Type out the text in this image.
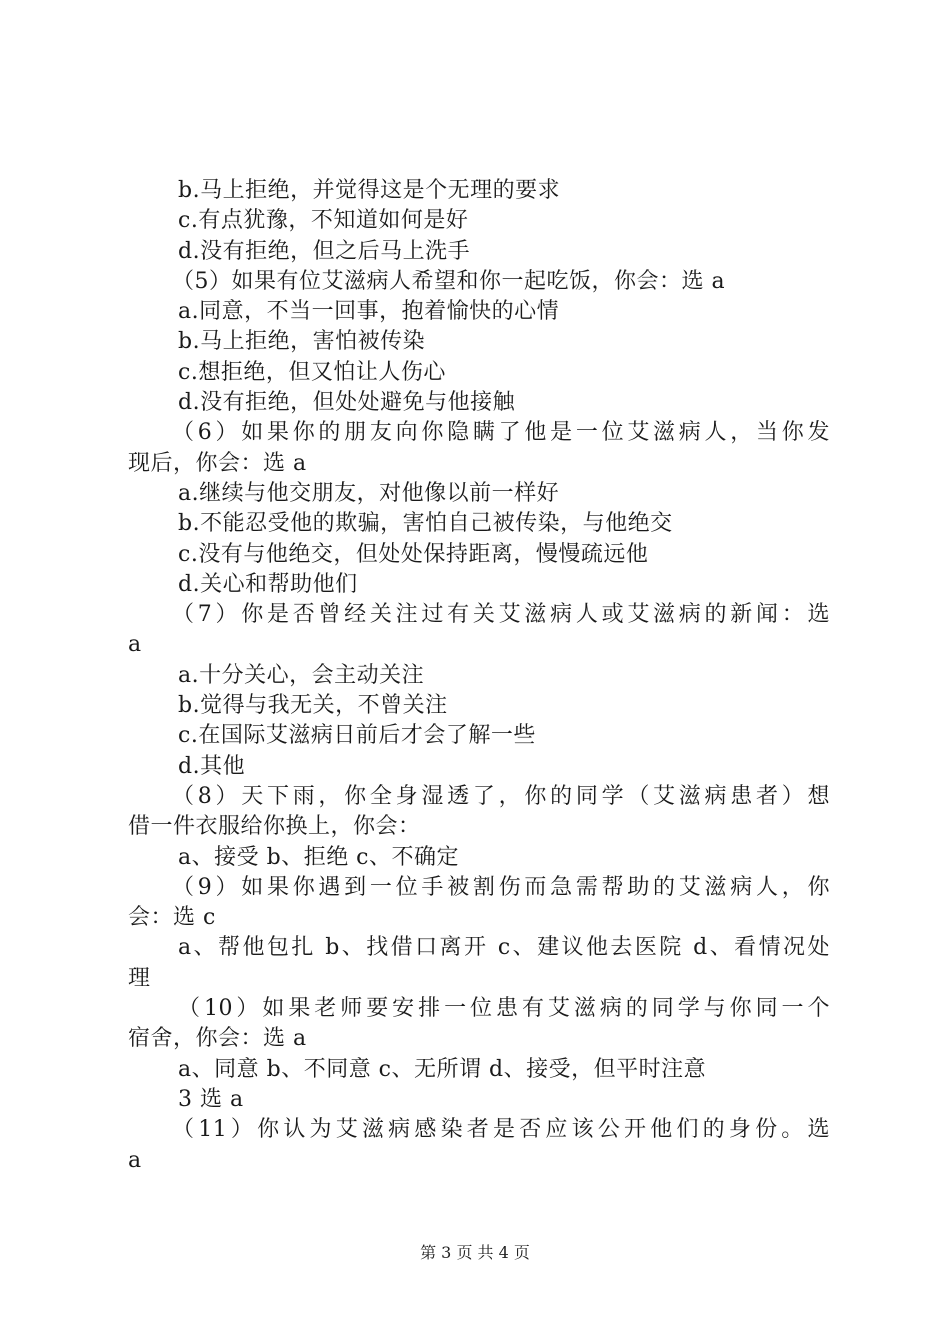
b.马上拒绝，并觉得这是个无理的要求
c.有点犹豫，不知道如何是好
d.没有拒绝，但之后马上洗手
（5）如果有位艾滋病人希望和你一起吃饭，你会：选 a
a.同意，不当一回事，抱着愉快的心情
b.马上拒绝，害怕被传染
c.想拒绝，但又怕让人伤心
d.没有拒绝，但处处避免与他接触
（6）如果你的朋友向你隐瞒了他是一位艾滋病人，当你发
现后，你会：选 a
a.继续与他交朋友，对他像以前一样好
b.不能忍受他的欺骗，害怕自己被传染，与他绝交
c.没有与他绝交，但处处保持距离，慢慢疏远他
d.关心和帮助他们
（7）你是否曾经关注过有关艾滋病人或艾滋病的新闻：选
a
a.十分关心，会主动关注
b.觉得与我无关，不曾关注
c.在国际艾滋病日前后才会了解一些
d.其他
（8）天下雨，你全身湿透了，你的同学（艾滋病患者）想
借一件衣服给你换上，你会：
a、接受 b、拒绝 c、不确定
（9）如果你遇到一位手被割伤而急需帮助的艾滋病人，你
会：选 c
a、帮他包扎 b、找借口离开 c、建议他去医院 d、看情况处
理
（10）如果老师要安排一位患有艾滋病的同学与你同一个
宿舍，你会：选 a
a、同意 b、不同意 c、无所谓 d、接受，但平时注意
3 选 a
（11）你认为艾滋病感染者是否应该公开他们的身份。选
a
第 3 页 共 4 页
